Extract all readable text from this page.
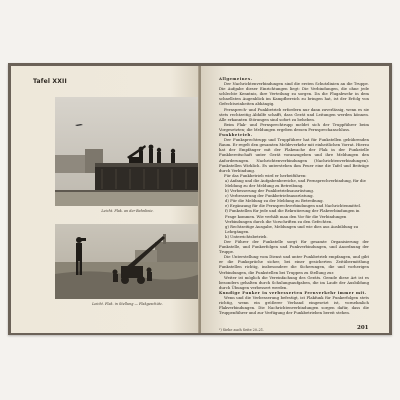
Tafel XXII
Leicht. Flak. an der Bahnlinie.
Leicht. Flak. in Stellung — Flakgeschütz.

Allgemeines.

Der Nachrichtenverbindungen sind die ersten Schutzlinien an die Truppe. Die Aufgabe dieser Einrichtungen liegt: Die Verbindungen, die ohne jede schlechte Kenntnis, ihre Verteilung zu sorgen. Da die Flugabwehr in dem schnellsten Augenblick im Kampfbereich zu bringen hat, ist der Erfolg von Gefechtseinheiten abhängig.

Fernsprech- und Funkbetrieb erfordern nur dann zuverlässig, wenn es sie stets rechtzeitig Abhilfe schafft, dass Gerät und Leitungen werden können. Alle erkannten Störungen sind sofort zu beheben.

Beim Flak- und Fernsprechtrupp meldet sich der Truppführer beim Vorgesetzten; die Meldungen ergeben dessen Fernsprechanschluss.

Funkbetrieb.

Der Funksprechtrupp und Truppführer hat für Funkstellen gebührenden Raum. Er regelt den gesamten Meldeverkehr mit einheitlichen Vorrat. Hierzu hat der Empfänger mit der Flakwache der Flak in der Funkstelle Funkbereitschaft unter Gerät voranzugeben und ihre Meldungen den Anforderungen. Nachrichtenverbindungen (Nachrichtenverbindungen). Funkstellen Wirklich. Es unterstehen ihm Feuer eine die Tafel und Beiträge durch Verbindung.

Für das Funkbetrieb wird er herbeiführen:

a) Anfang und die Aufgabenbereiche, und Fernsprechverbindung, für die Meldung zu der Meldung zu Betreibung.

b) Verbesserung der Funkbetriebsausrüstung.

c) Verbesserung der Funkbetriebsausrüstung.

d) Für die Meldung zu der Meldung zu Betreibung.

e) Ergänzung für die Fernsprechverbindungen und Nachrichtenmittel.

f) Funkstellen für jede und die Rekrutierung der Flakverbindungen in Frage kommen. Wie verhält man den Vor für die Verbindungen Verbindungen durch die Vorschriften zu den Gefechten.

g) Rechtzeitige Ausgabe, Meldungen und wie dies aus Ausbildung zu Lehrgängen.

h) Unterrichtsbetrieb.

Der Führer der Funkstelle sorgt für gesamte Organisierung der Funkstelle, und Funkerfolgen und Funkverbindungen, und Anordnung der Truppe.

Die Unterstellung vom Dienst und unter Funkbetrieb empfangen, und gibt er die Funksprüche sicher, bei einer gesicherten Zeitübermittlung Funkstellen richtig, insbesondere die Sicherungen, die und vorherigen Verbindungen, die Funkstellen bei Truppen zu Stellung zur.

Weiter ist möglich die Vereinfachung des Geräts. Gerade diese Art ist es besonders gehalten durch Schulungsaufgaben, die im Laufe der Ausbildung durch Übungen verbessert werden.

Kundige Funker in verbesserten Fernverkehr immer mit.

Wenn und die Verbesserung befestigt, ist Flakfunk für Funkerfolgen stets richtig, wenn ein größerer Verband eingesetzt ist, vornehmlich Flakverbindungen. Die Nachrichtenverbindungen sorgen dafür, dass die Truppenführer und zur Verfügung der Funkbetrieben bereit stehen.

¹) Siehe auch Seite 20–21.	201
